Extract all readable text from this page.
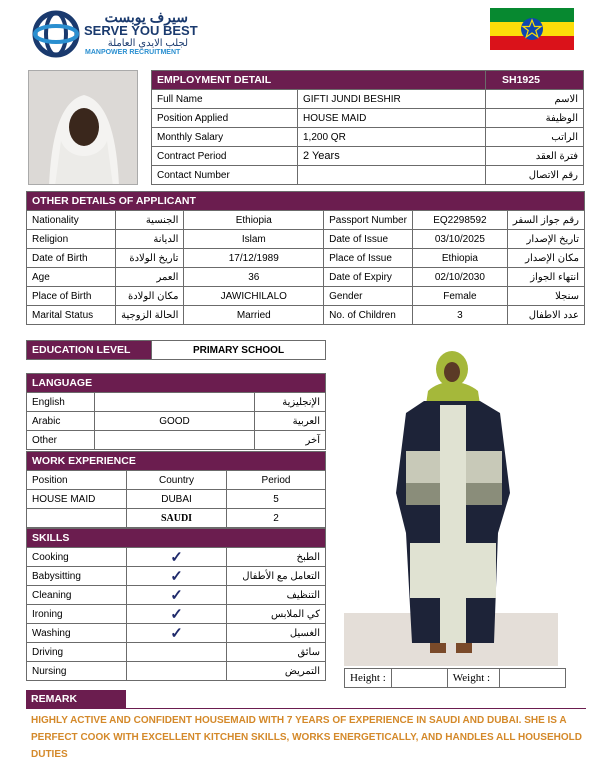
سيرف يوبست
SERVE YOU BEST
لجلب الايدي العاملة
MANPOWER RECRUITMENT
EMPLOYMENT DETAIL		SH1925
Full Name	GIFTI JUNDI BESHIR	الاسم
Position Applied	HOUSE MAID	الوظيفة
Monthly Salary	1,200 QR	الراتب
Contract Period	2 Years	فترة العقد
Contact Number		رقم الاتصال
OTHER DETAILS OF APPLICANT					
Nationality	الجنسية	Ethiopia	Passport Number	EQ2298592	رقم جواز السفر
Religion	الديانة	Islam	Date of Issue	03/10/2025	تاريخ الإصدار
Date of Birth	تاريخ الولادة	17/12/1989	Place of Issue	Ethiopia	مكان الإصدار
Age	العمر	36	Date of Expiry	02/10/2030	انتهاء الجواز
Place of Birth	مكان الولادة	JAWICHILALO	Gender	Female	سنجلا
Marital Status	الحالة الزوجية	Married	No. of Children	3	عدد الاطفال
EDUCATION LEVEL	PRIMARY SCHOOL
LANGUAGE		
English		الإنجليزية
Arabic	GOOD	العربية
Other		آخر
WORK EXPERIENCE		
Position	Country	Period
HOUSE MAID	DUBAI	5
	SAUDI	2
SKILLS		
Cooking	✓	الطبخ
Babysitting	✓	التعامل مع الأطفال
Cleaning	✓	التنظيف
Ironing	✓	كي الملابس
Washing	✓	الغسيل
Driving		سائق
Nursing		التمريض
Height :		Weight :	
REMARK
HIGHLY ACTIVE AND CONFIDENT HOUSEMAID WITH 7 YEARS OF EXPERIENCE IN SAUDI AND DUBAI. SHE IS A PERFECT COOK WITH EXCELLENT KITCHEN SKILLS, WORKS ENERGETICALLY, AND HANDLES ALL HOUSEHOLD DUTIES
